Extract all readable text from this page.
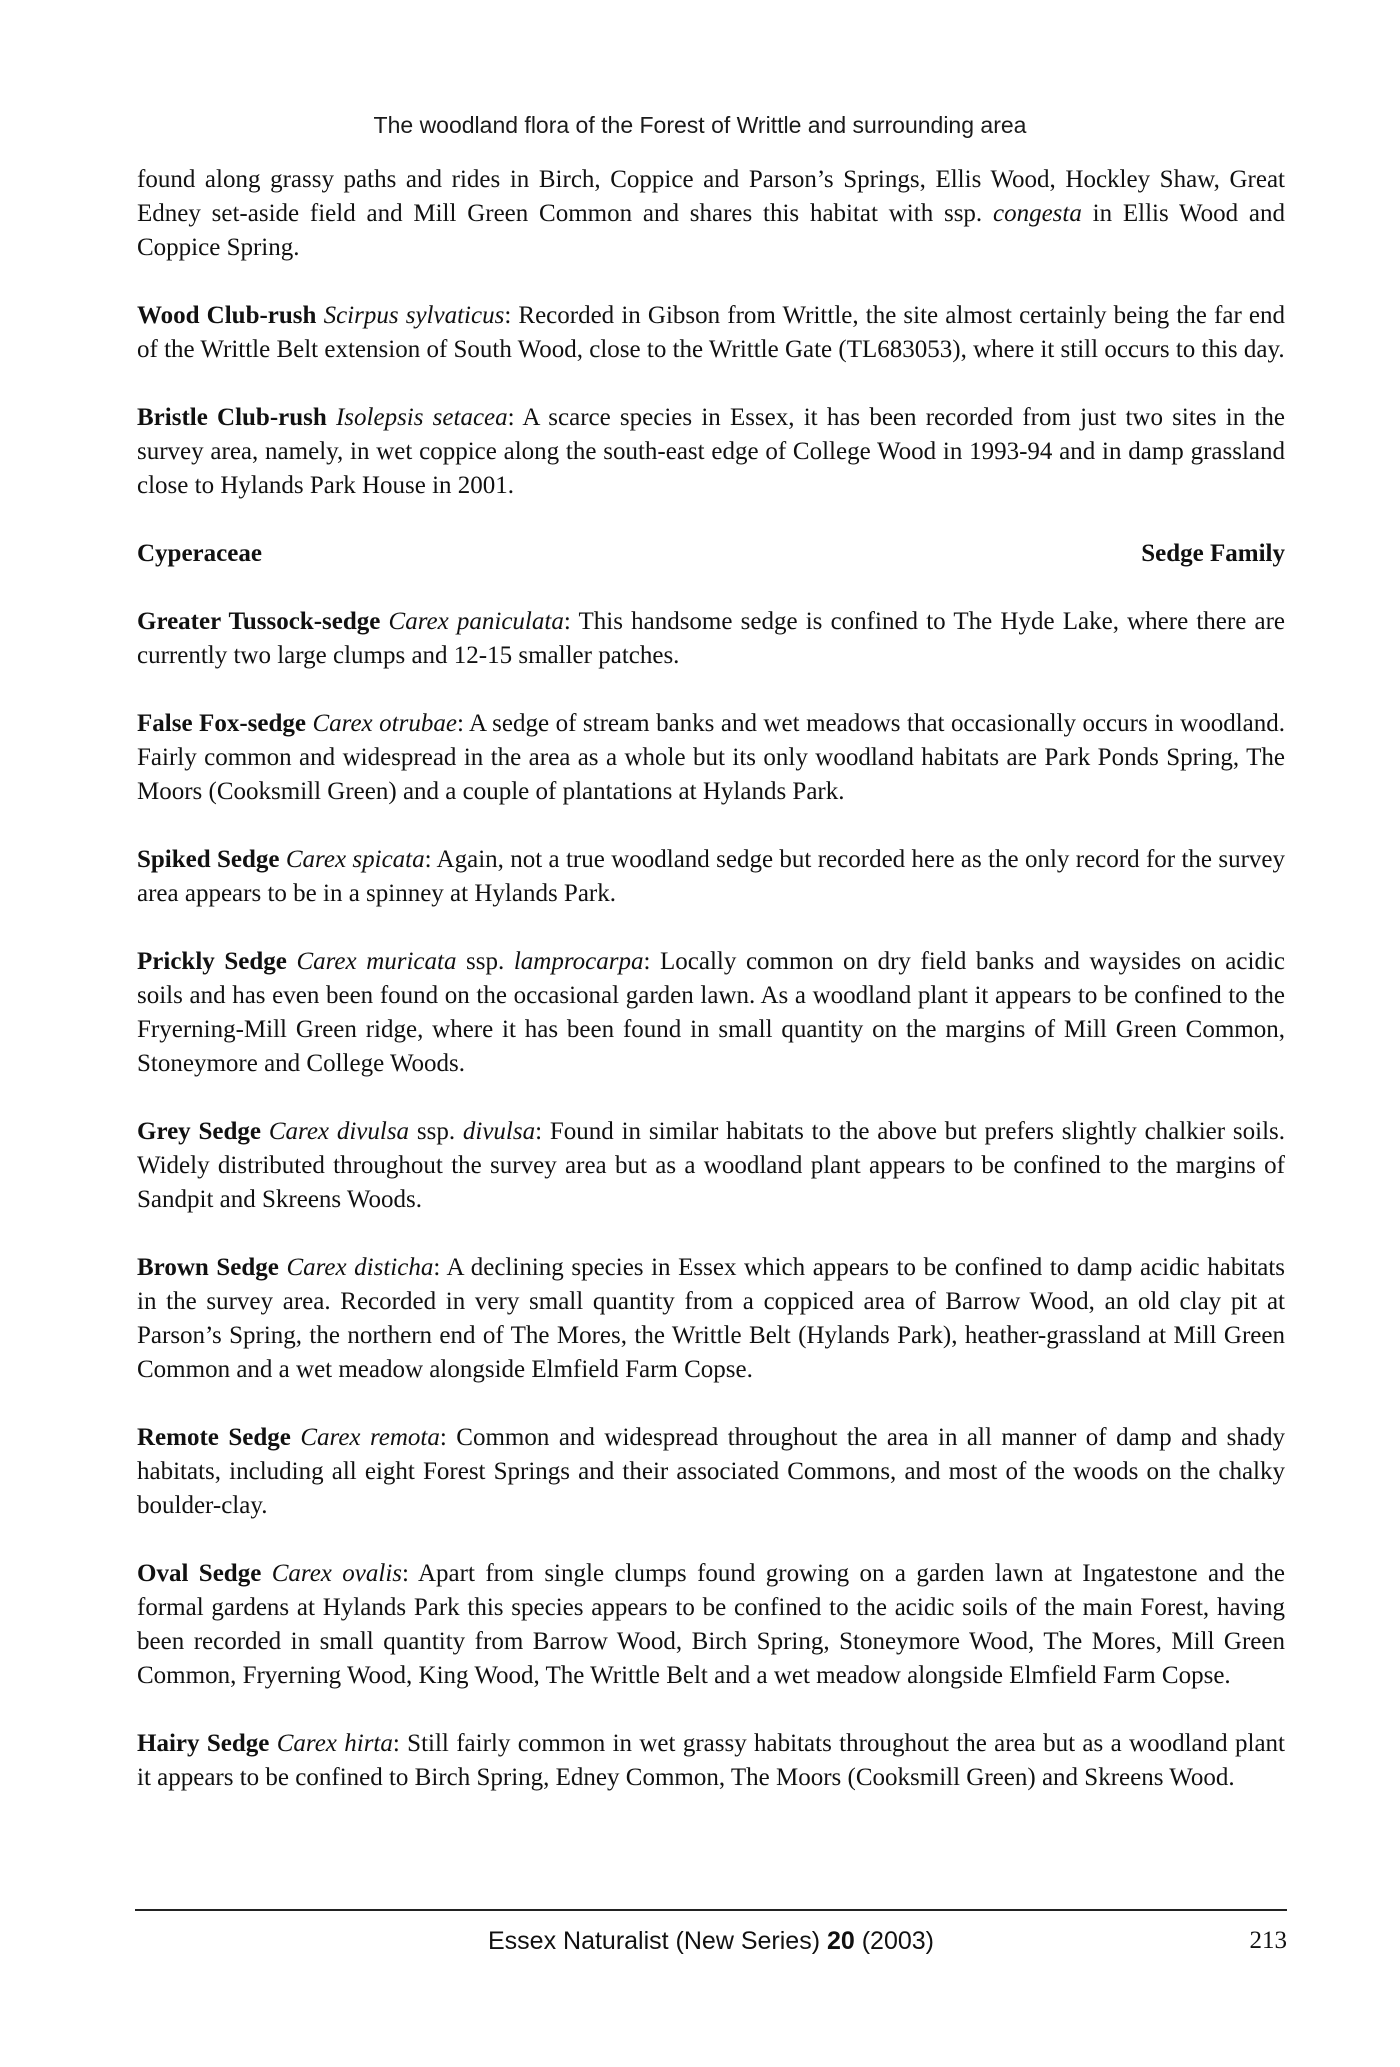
The woodland flora of the Forest of Writtle and surrounding area

found along grassy paths and rides in Birch, Coppice and Parson’s Springs, Ellis Wood, Hockley Shaw, Great Edney set-aside field and Mill Green Common and shares this habitat with ssp. congesta in Ellis Wood and Coppice Spring.

Wood Club-rush Scirpus sylvaticus: Recorded in Gibson from Writtle, the site almost certainly being the far end of the Writtle Belt extension of South Wood, close to the Writtle Gate (TL683053), where it still occurs to this day.

Bristle Club-rush Isolepsis setacea: A scarce species in Essex, it has been recorded from just two sites in the survey area, namely, in wet coppice along the south-east edge of College Wood in 1993-94 and in damp grassland close to Hylands Park House in 2001.

Cyperaceae	Sedge Family

Greater Tussock-sedge Carex paniculata: This handsome sedge is confined to The Hyde Lake, where there are currently two large clumps and 12-15 smaller patches.

False Fox-sedge Carex otrubae: A sedge of stream banks and wet meadows that occasionally occurs in woodland. Fairly common and widespread in the area as a whole but its only woodland habitats are Park Ponds Spring, The Moors (Cooksmill Green) and a couple of plantations at Hylands Park.

Spiked Sedge Carex spicata: Again, not a true woodland sedge but recorded here as the only record for the survey area appears to be in a spinney at Hylands Park.

Prickly Sedge Carex muricata ssp. lamprocarpa: Locally common on dry field banks and waysides on acidic soils and has even been found on the occasional garden lawn. As a woodland plant it appears to be confined to the Fryerning-Mill Green ridge, where it has been found in small quantity on the margins of Mill Green Common, Stoneymore and College Woods.

Grey Sedge Carex divulsa ssp. divulsa: Found in similar habitats to the above but prefers slightly chalkier soils. Widely distributed throughout the survey area but as a woodland plant appears to be confined to the margins of Sandpit and Skreens Woods.

Brown Sedge Carex disticha: A declining species in Essex which appears to be confined to damp acidic habitats in the survey area. Recorded in very small quantity from a coppiced area of Barrow Wood, an old clay pit at Parson’s Spring, the northern end of The Mores, the Writtle Belt (Hylands Park), heather-grassland at Mill Green Common and a wet meadow alongside Elmfield Farm Copse.

Remote Sedge Carex remota: Common and widespread throughout the area in all manner of damp and shady habitats, including all eight Forest Springs and their associated Commons, and most of the woods on the chalky boulder-clay.

Oval Sedge Carex ovalis: Apart from single clumps found growing on a garden lawn at Ingatestone and the formal gardens at Hylands Park this species appears to be confined to the acidic soils of the main Forest, having been recorded in small quantity from Barrow Wood, Birch Spring, Stoneymore Wood, The Mores, Mill Green Common, Fryerning Wood, King Wood, The Writtle Belt and a wet meadow alongside Elmfield Farm Copse.

Hairy Sedge Carex hirta: Still fairly common in wet grassy habitats throughout the area but as a woodland plant it appears to be confined to Birch Spring, Edney Common, The Moors (Cooksmill Green) and Skreens Wood.

Essex Naturalist (New Series) 20 (2003)	213
